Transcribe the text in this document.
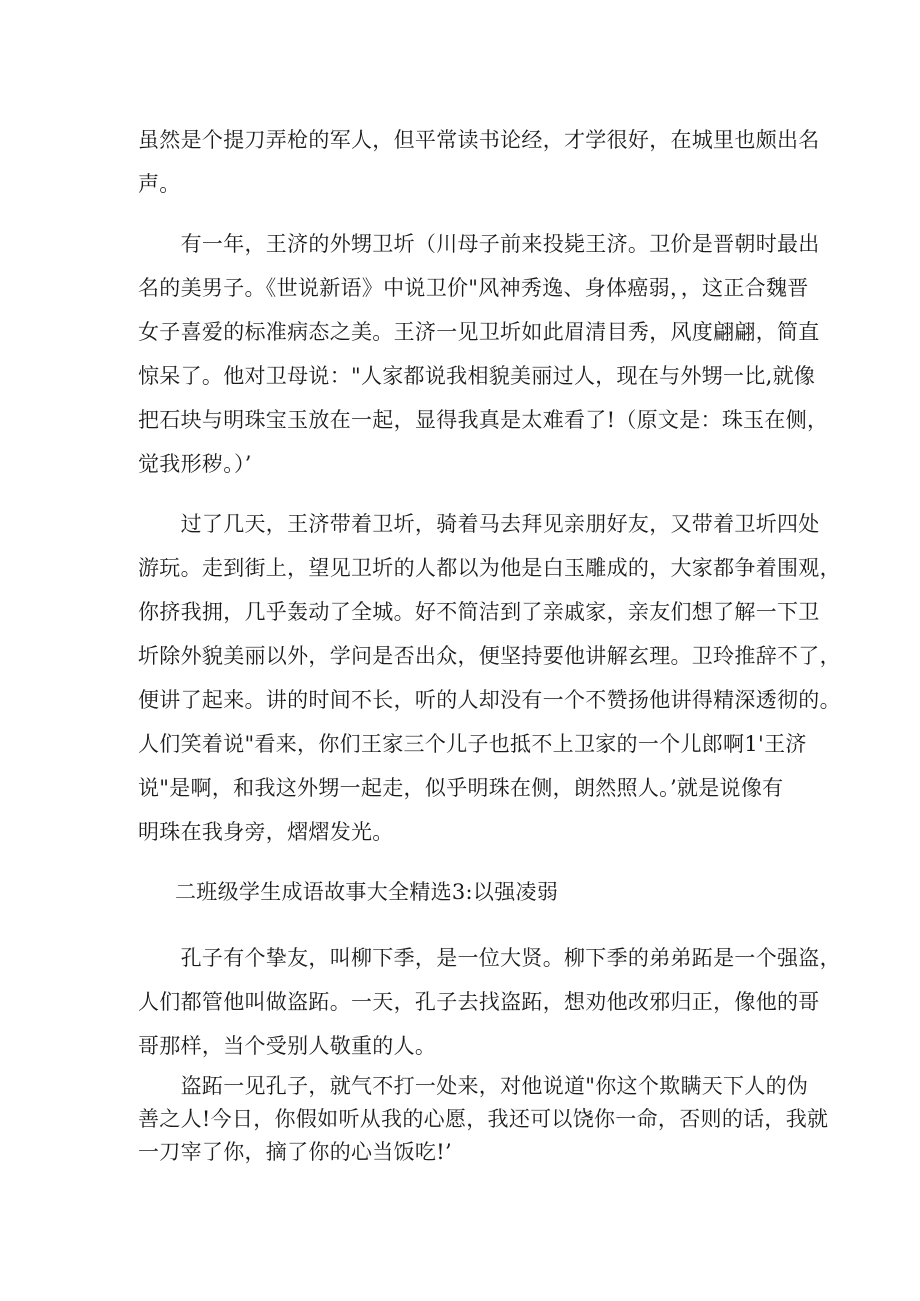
虽然是个提刀弄枪的军人，但平常读书论经，才学很好，在城里也颇出名
声。

　　有一年，王济的外甥卫圻（川母子前来投毙王济。卫价是晋朝时最出
名的美男子。《世说新语》中说卫价"风神秀逸、身体癌弱，，这正合魏晋
女子喜爱的标准病态之美。王济一见卫圻如此眉清目秀，风度翩翩，简直
惊呆了。他对卫母说："人家都说我相貌美丽过人，现在与外甥一比,就像
把石块与明珠宝玉放在一起，显得我真是太难看了!（原文是：珠玉在侧，
觉我形秽。）’

　　过了几天，王济带着卫圻，骑着马去拜见亲朋好友，又带着卫圻四处
游玩。走到街上，望见卫圻的人都以为他是白玉雕成的，大家都争着围观，
你挤我拥，几乎轰动了全城。好不简洁到了亲戚家，亲友们想了解一下卫
圻除外貌美丽以外，学问是否出众，便坚持要他讲解玄理。卫玲推辞不了，
便讲了起来。讲的时间不长，听的人却没有一个不赞扬他讲得精深透彻的。
人们笑着说"看来，你们王家三个儿子也抵不上卫家的一个儿郎啊1'王济
说"是啊，和我这外甥一起走，似乎明珠在侧，朗然照人。’就是说像有
明珠在我身旁，熠熠发光。

二班级学生成语故事大全精选3:以强凌弱

　　孔子有个挚友，叫柳下季，是一位大贤。柳下季的弟弟跖是一个强盗，
人们都管他叫做盗跖。一天，孔子去找盗跖，想劝他改邪归正，像他的哥
哥那样，当个受别人敬重的人。

　　盗跖一见孔子，就气不打一处来，对他说道"你这个欺瞒天下人的伪
善之人!今日，你假如听从我的心愿，我还可以饶你一命，否则的话，我就
一刀宰了你，摘了你的心当饭吃!’
